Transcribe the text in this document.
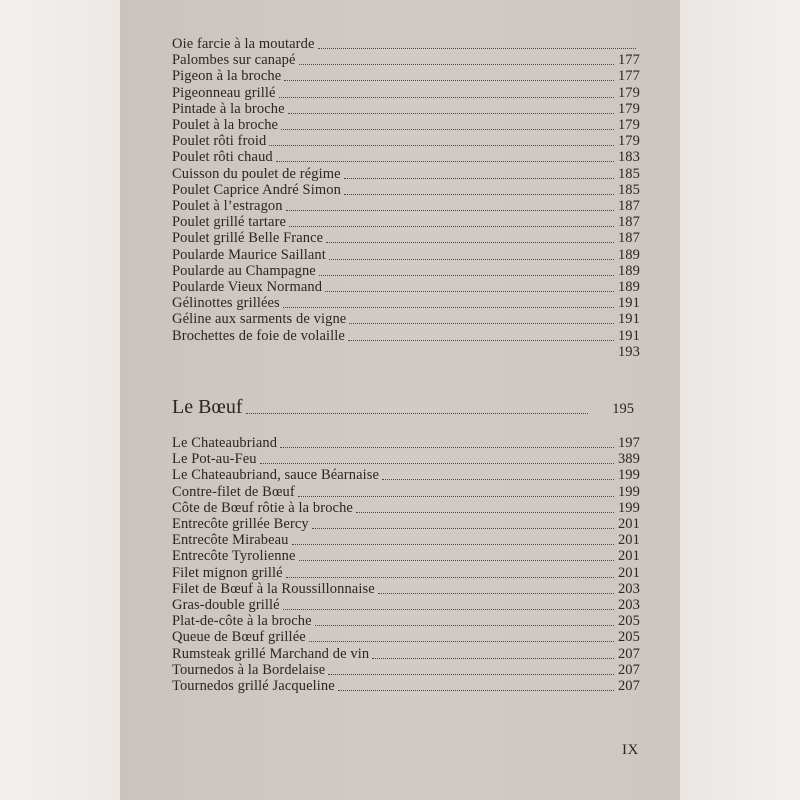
Oie farcie à la moutarde
Palombes sur canapé	177
Pigeon à la broche	177
Pigeonneau grillé	179
Pintade à la broche	179
Poulet à la broche	179
Poulet rôti froid	179
Poulet rôti chaud	183
Cuisson du poulet de régime	185
Poulet Caprice André Simon	185
Poulet à l’estragon	187
Poulet grillé tartare	187
Poulet grillé Belle France	187
Poularde Maurice Saillant	189
Poularde au Champagne	189
Poularde Vieux Normand	189
Gélinottes grillées	191
Géline aux sarments de vigne	191
Brochettes de foie de volaille	191
193
Le Bœuf	195
Le Chateaubriand	197
Le Pot-au-Feu	389
Le Chateaubriand, sauce Béarnaise	199
Contre-filet de Bœuf	199
Côte de Bœuf rôtie à la broche	199
Entrecôte grillée Bercy	201
Entrecôte Mirabeau	201
Entrecôte Tyrolienne	201
Filet mignon grillé	201
Filet de Bœuf à la Roussillonnaise	203
Gras-double grillé	203
Plat-de-côte à la broche	205
Queue de Bœuf grillée	205
Rumsteak grillé Marchand de vin	207
Tournedos à la Bordelaise	207
Tournedos grillé Jacqueline	207
IX
